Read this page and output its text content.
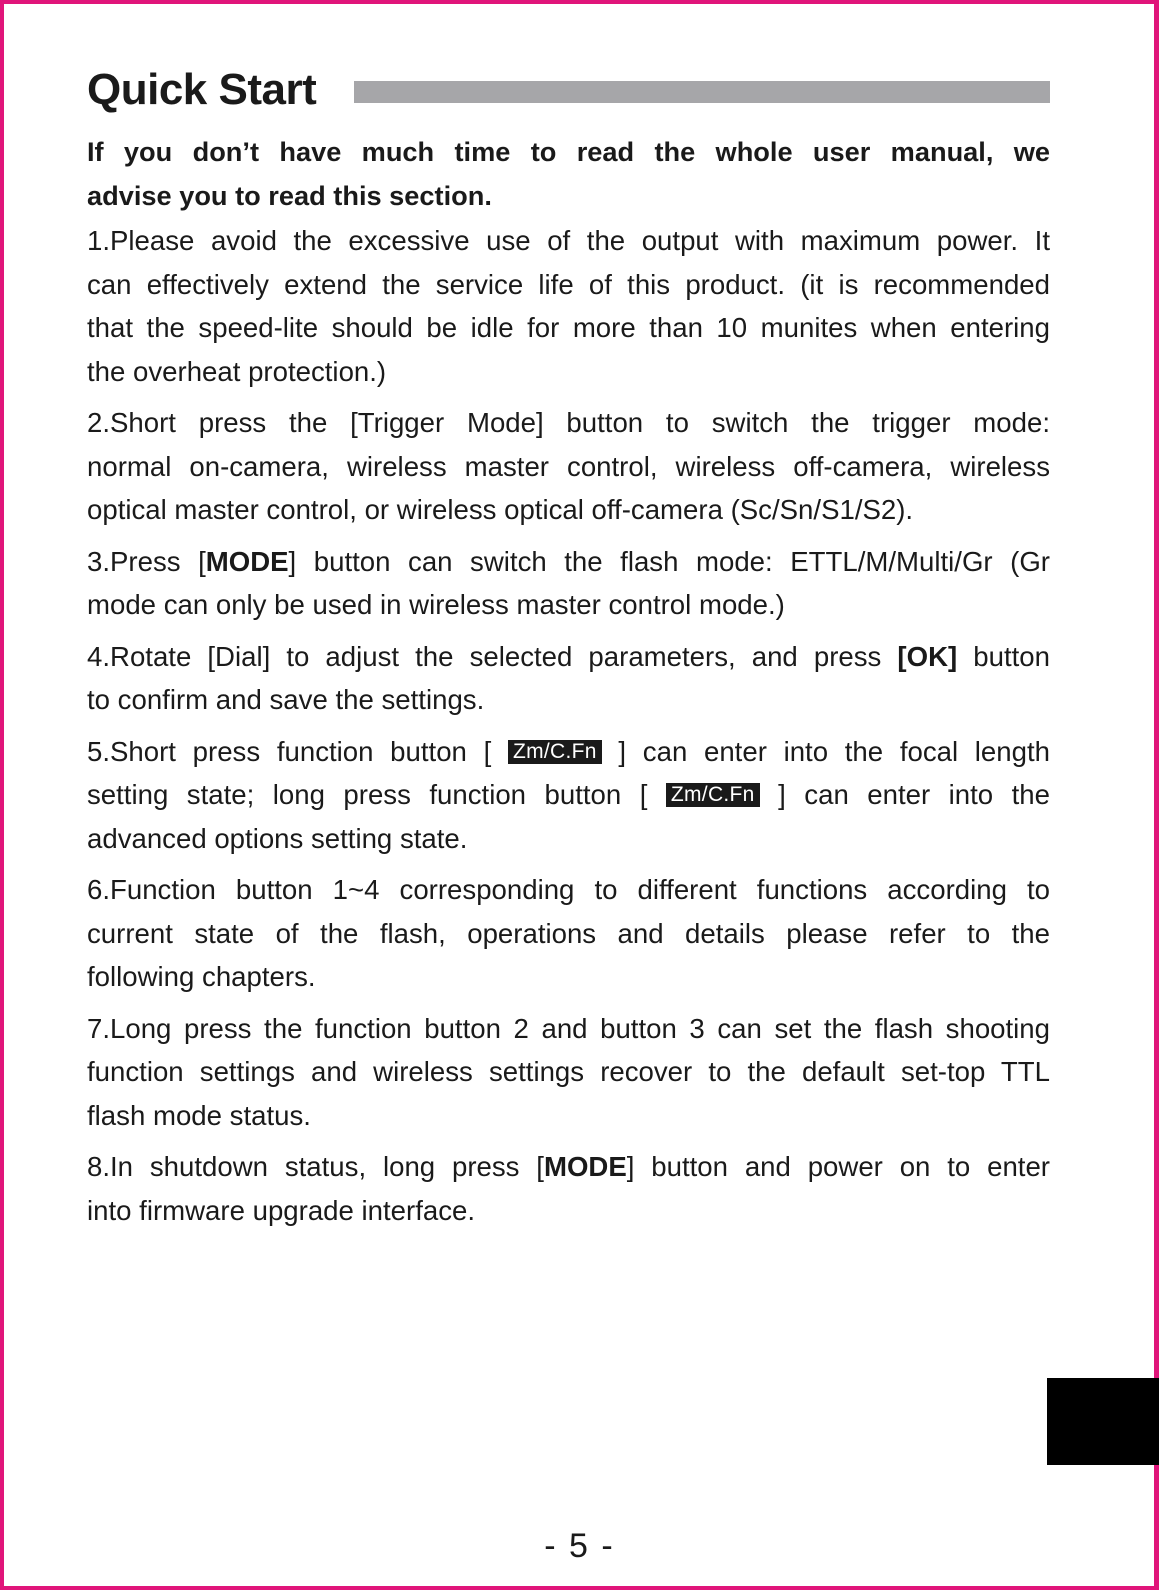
Quick Start
If you don’t have much time to read the whole user manual, we
advise you to read this section.
1.Please avoid the excessive use of the output with maximum power. It
can effectively extend the service life of this product. (it is recommended
that the speed-lite should be idle for more than 10 munites when entering
the overheat protection.)
2.Short press the [Trigger Mode] button to switch the trigger mode:
normal on-camera, wireless master control, wireless off-camera, wireless
optical master control, or wireless optical off-camera (Sc/Sn/S1/S2).
3.Press [MODE] button can switch the flash mode: ETTL/M/Multi/Gr (Gr
mode can only be used in wireless master control mode.)
4.Rotate [Dial] to adjust the selected parameters, and press [OK] button
to confirm and save the settings.
5.Short press function button [ Zm/C.Fn ] can enter into the focal length
setting state; long press function button [ Zm/C.Fn ] can enter into the
advanced options setting state.
6.Function button 1~4 corresponding to different functions according to
current state of the flash, operations and details please refer to the
following chapters.
7.Long press the function button 2 and button 3 can set the flash shooting
function settings and wireless settings recover to the default set-top TTL
flash mode status.
8.In shutdown status, long press [MODE] button and power on to enter
into firmware upgrade interface.
- 5 -
